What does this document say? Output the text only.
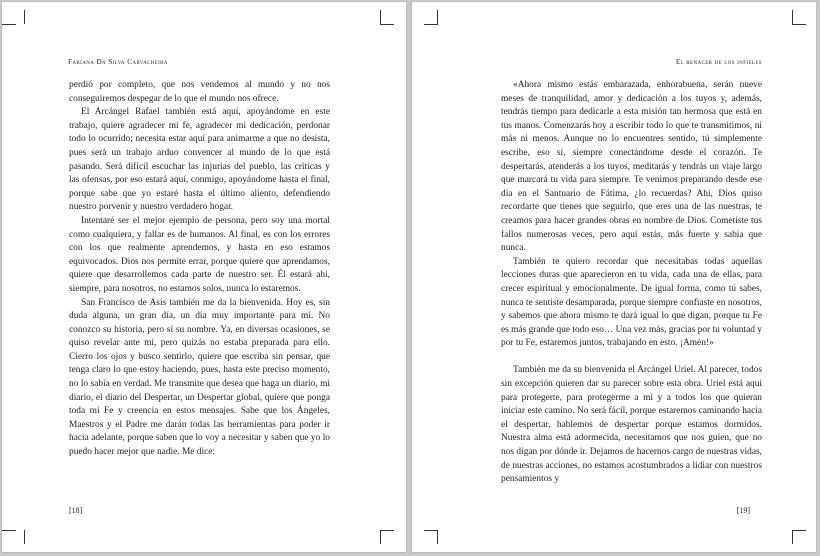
Fabiana Da Silva Carvalheira

perdió por completo, que nos vendemos al mundo y no nos conseguiremos despegar de lo que el mundo nos ofrece.

El Arcángel Rafael también está aquí, apoyándome en este trabajo, quiere agradecer mi fe, agradecer mi dedicación, perdonar todo lo ocurrido; necesita estar aquí para animarme a que no desista, pues será un trabajo arduo convencer al mundo de lo que está pasando. Será difícil escuchar las injurias del pueblo, las críticas y las ofensas, por eso estará aquí, conmigo, apoyándome hasta el final, porque sabe que yo estaré hasta el último aliento, defendiendo nuestro porvenir y nuestro verdadero hogar.

Intentaré ser el mejor ejemplo de persona, pero soy una mortal como cualquiera, y fallar es de humanos. Al final, es con los errores con los que realmente aprendemos, y hasta en eso estamos equivocados. Dios nos permite errar, porque quiere que aprendamos, quiere que desarrollemos cada parte de nuestro ser. Él estará ahí, siempre, para nosotros, no estamos solos, nunca lo estaremos.

San Francisco de Asís también me da la bienvenida. Hoy es, sin duda alguna, un gran día, un día muy importante para mí. No conozco su historia, pero sí su nombre. Ya, en diversas ocasiones, se quiso revelar ante mí, pero quizás no estaba preparada para ello. Cierro los ojos y busco sentirlo, quiere que escriba sin pensar, que tenga claro lo que estoy haciendo, pues, hasta este preciso momento, no lo sabía en verdad. Me transmite que desea que haga un diario, mi diario, el diario del Despertar, un Despertar global, quiere que ponga toda mi Fe y creencia en estos mensajes. Sabe que los Ángeles, Maestros y el Padre me darán todas las herramientas para poder ir hacia adelante, porque saben que lo voy a necesitar y saben que yo lo puedo hacer mejor que nadie. Me dice:

[18]
El renacer de los infieles

«Ahora mismo estás embarazada, enhorabuena, serán nueve meses de tranquilidad, amor y dedicación a los tuyos y, además, tendrás tiempo para dedicarle a esta misión tan hermosa que está en tus manos. Comenzarás hoy a escribir todo lo que te transmitimos, ni más ni menos. Aunque no lo encuentres sentido, tú simplemente escribe, eso sí, siempre conectándome desde el corazón. Te despertarás, atenderás a los tuyos, meditarás y tendrás un viaje largo que marcará tu vida para siempre. Te venimos preparando desde ese día en el Santuario de Fátima, ¿lo recuerdas? Ahí, Dios quiso recordarte que tienes que seguirlo, que eres una de las nuestras, te creamos para hacer grandes obras en nombre de Dios. Cometiste tus fallos numerosas veces, pero aquí estás, más fuerte y sabia que nunca.

También te quiero recordar que necesitabas todas aquellas lecciones duras que aparecieron en tu vida, cada una de ellas, para crecer espiritual y emocionalmente. De igual forma, como tú sabes, nunca te sentiste desamparada, porque siempre confiaste en nosotros, y sabemos que ahora mismo te dará igual lo que digan, porque tu Fe es más grande que todo eso… Una vez más, gracias por tu voluntad y por tu Fe, estaremos juntos, trabajando en esto. ¡Amén!»

También me da su bienvenida el Arcángel Uriel. Al parecer, todos sin excepción quieren dar su parecer sobre esta obra. Uriel está aquí para protegerte, para protegerme a mí y a todos los que quieran iniciar este camino. No será fácil, porque estaremos caminando hacia el despertar, hablemos de despertar porque estamos dormidos. Nuestra alma está adormecida, necesitamos que nos guíen, que no nos digan por dónde ir. Dejamos de hacernos cargo de nuestras vidas, de nuestras acciones, no estamos acostumbrados a lidiar con nuestros pensamientos y

[19]
